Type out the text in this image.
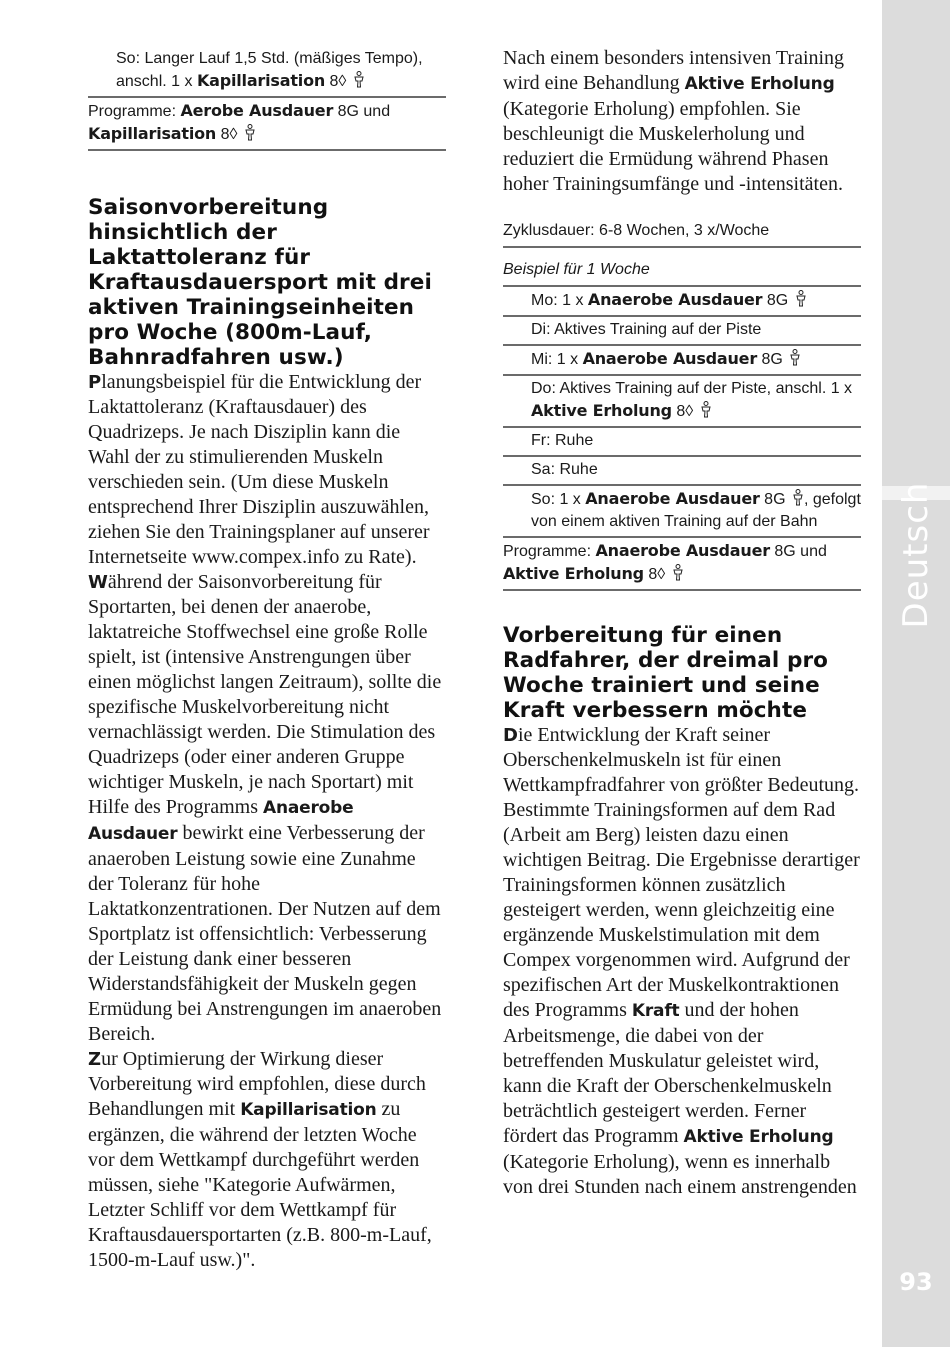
Deutsch
93
So: Langer Lauf 1,5 Std. (mäßiges Tempo), anschl. 1 x Kapillarisation 8◊
Programme: Aerobe Ausdauer 8G und Kapillarisation 8◊
Saisonvorbereitung hinsichtlich der Laktattoleranz für Kraftausdauersport mit drei aktiven Trainingseinheiten pro Woche (800m-Lauf, Bahnradfahren usw.)

Planungsbeispiel für die Entwicklung der Laktattoleranz (Kraftausdauer) des Quadrizeps. Je nach Disziplin kann die Wahl der zu stimulierenden Muskeln verschieden sein. (Um diese Muskeln entsprechend Ihrer Disziplin auszuwählen, ziehen Sie den Trainingsplaner auf unserer Internetseite www.compex.info zu Rate).

Während der Saisonvorbereitung für Sportarten, bei denen der anaerobe, laktatreiche Stoffwechsel eine große Rolle spielt, ist (intensive Anstrengungen über einen möglichst langen Zeitraum), sollte die spezifische Muskelvorbereitung nicht vernachlässigt werden. Die Stimulation des Quadrizeps (oder einer anderen Gruppe wichtiger Muskeln, je nach Sportart) mit Hilfe des Programms Anaerobe Ausdauer bewirkt eine Verbesserung der anaeroben Leistung sowie eine Zunahme der Toleranz für hohe Laktatkonzentrationen. Der Nutzen auf dem Sportplatz ist offensichtlich: Verbesserung der Leistung dank einer besseren Widerstandsfähigkeit der Muskeln gegen Ermüdung bei Anstrengungen im anaeroben Bereich.

Zur Optimierung der Wirkung dieser Vorbereitung wird empfohlen, diese durch Behandlungen mit Kapillarisation zu ergänzen, die während der letzten Woche vor dem Wettkampf durchgeführt werden müssen, siehe "Kategorie Aufwärmen, Letzter Schliff vor dem Wettkampf für Kraftausdauersportarten (z.B. 800-m-Lauf, 1500-m-Lauf usw.)".

Nach einem besonders intensiven Training wird eine Behandlung Aktive Erholung (Kategorie Erholung) empfohlen. Sie beschleunigt die Muskelerholung und reduziert die Ermüdung während Phasen hoher Trainingsumfänge und -intensitäten.

Zyklusdauer: 6-8 Wochen, 3 x/Woche
Beispiel für 1 Woche
Mo: 1 x Anaerobe Ausdauer 8G
Di: Aktives Training auf der Piste
Mi: 1 x Anaerobe Ausdauer 8G
Do: Aktives Training auf der Piste, anschl. 1 x Aktive Erholung 8◊
Fr: Ruhe
Sa: Ruhe
So: 1 x Anaerobe Ausdauer 8G , gefolgt von einem aktiven Training auf der Bahn
Programme: Anaerobe Ausdauer 8G und Aktive Erholung 8◊
Vorbereitung für einen Radfahrer, der dreimal pro Woche trainiert und seine Kraft verbessern möchte

Die Entwicklung der Kraft seiner Oberschenkelmuskeln ist für einen Wettkampfradfahrer von größter Bedeutung. Bestimmte Trainingsformen auf dem Rad (Arbeit am Berg) leisten dazu einen wichtigen Beitrag. Die Ergebnisse derartiger Trainingsformen können zusätzlich gesteigert werden, wenn gleichzeitig eine ergänzende Muskelstimulation mit dem Compex vorgenommen wird. Aufgrund der spezifischen Art der Muskelkontraktionen des Programms Kraft und der hohen Arbeitsmenge, die dabei von der betreffenden Muskulatur geleistet wird, kann die Kraft der Oberschenkelmuskeln beträchtlich gesteigert werden. Ferner fördert das Programm Aktive Erholung (Kategorie Erholung), wenn es innerhalb von drei Stunden nach einem anstrengenden
